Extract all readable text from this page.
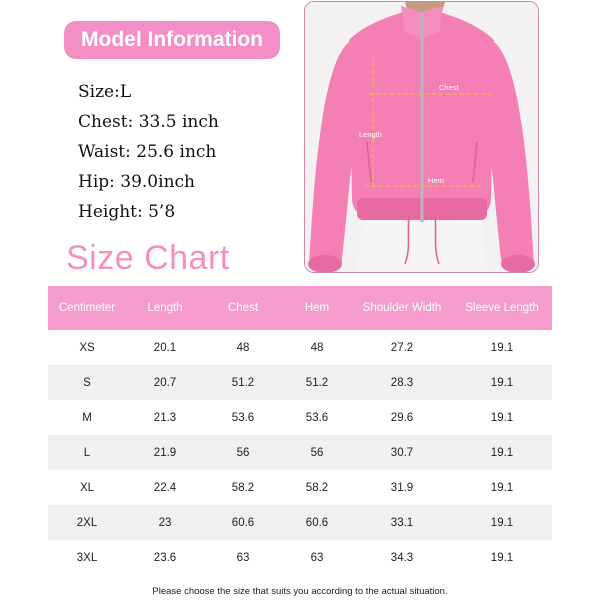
Model Information
Size:L
Chest: 33.5 inch
Waist: 25.6 inch
Hip: 39.0inch
Height: 5’8
Chest
Length
Hem
Size Chart
Centimeter	Length	Chest	Hem	Shoulder Width	Sleeve Length
XS	20.1	48	48	27.2	19.1
S	20.7	51.2	51.2	28.3	19.1
M	21.3	53.6	53.6	29.6	19.1
L	21.9	56	56	30.7	19.1
XL	22.4	58.2	58.2	31.9	19.1
2XL	23	60.6	60.6	33.1	19.1
3XL	23.6	63	63	34.3	19.1
Please choose the size that suits you according to the actual situation.
